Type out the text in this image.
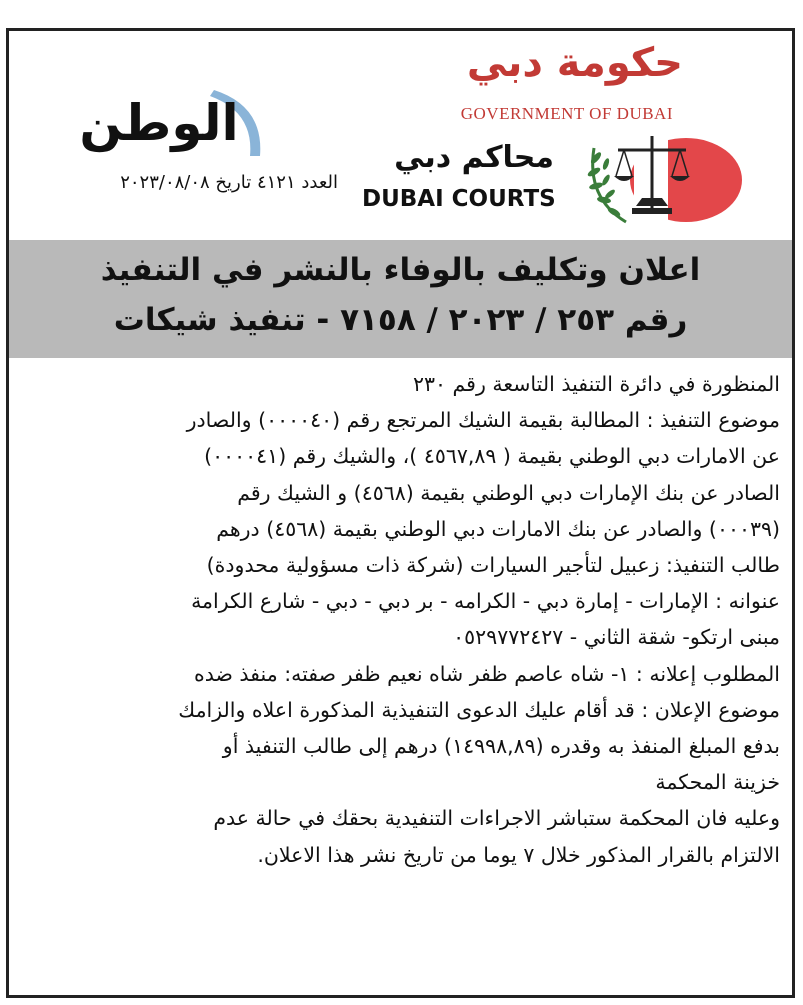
الوطن
العدد ٤١٢١ تاريخ ٢٠٢٣/٠٨/٠٨
حكومة دبي
GOVERNMENT OF DUBAI
محاكم دبي
DUBAI COURTS
اعلان وتكليف بالوفاء بالنشر في التنفيذ
رقم ٢٥٣ / ٢٠٢٣ / ٧١٥٨ - تنفيذ شيكات
المنظورة في دائرة التنفيذ التاسعة رقم ٢٣٠
موضوع التنفيذ : المطالبة بقيمة الشيك المرتجع رقم (٠٠٠٠٤٠) والصادر
عن الامارات دبي الوطني بقيمة ( ٤٥٦٧,٨٩ )، والشيك رقم (٠٠٠٠٤١)
الصادر عن بنك الإمارات دبي الوطني بقيمة (٤٥٦٨) و الشيك رقم
(٠٠٠٣٩) والصادر عن بنك الامارات دبي الوطني بقيمة (٤٥٦٨) درهم
طالب التنفيذ: زعبيل لتأجير السيارات (شركة ذات مسؤولية محدودة)
عنوانه : الإمارات - إمارة دبي - الكرامه - بر دبي - دبي - شارع الكرامة
مبنى ارتكو- شقة الثاني - ٠٥٢٩٧٧٢٤٢٧
المطلوب إعلانه : ١- شاه عاصم ظفر شاه نعيم ظفر صفته: منفذ ضده
موضوع الإعلان : قد أقام عليك الدعوى التنفيذية المذكورة اعلاه والزامك
بدفع المبلغ المنفذ به وقدره (١٤٩٩٨,٨٩) درهم إلى طالب التنفيذ أو
خزينة المحكمة
وعليه فان المحكمة ستباشر الاجراءات التنفيدية بحقك في حالة عدم
الالتزام بالقرار المذكور خلال ٧ يوما من تاريخ نشر هذا الاعلان.
